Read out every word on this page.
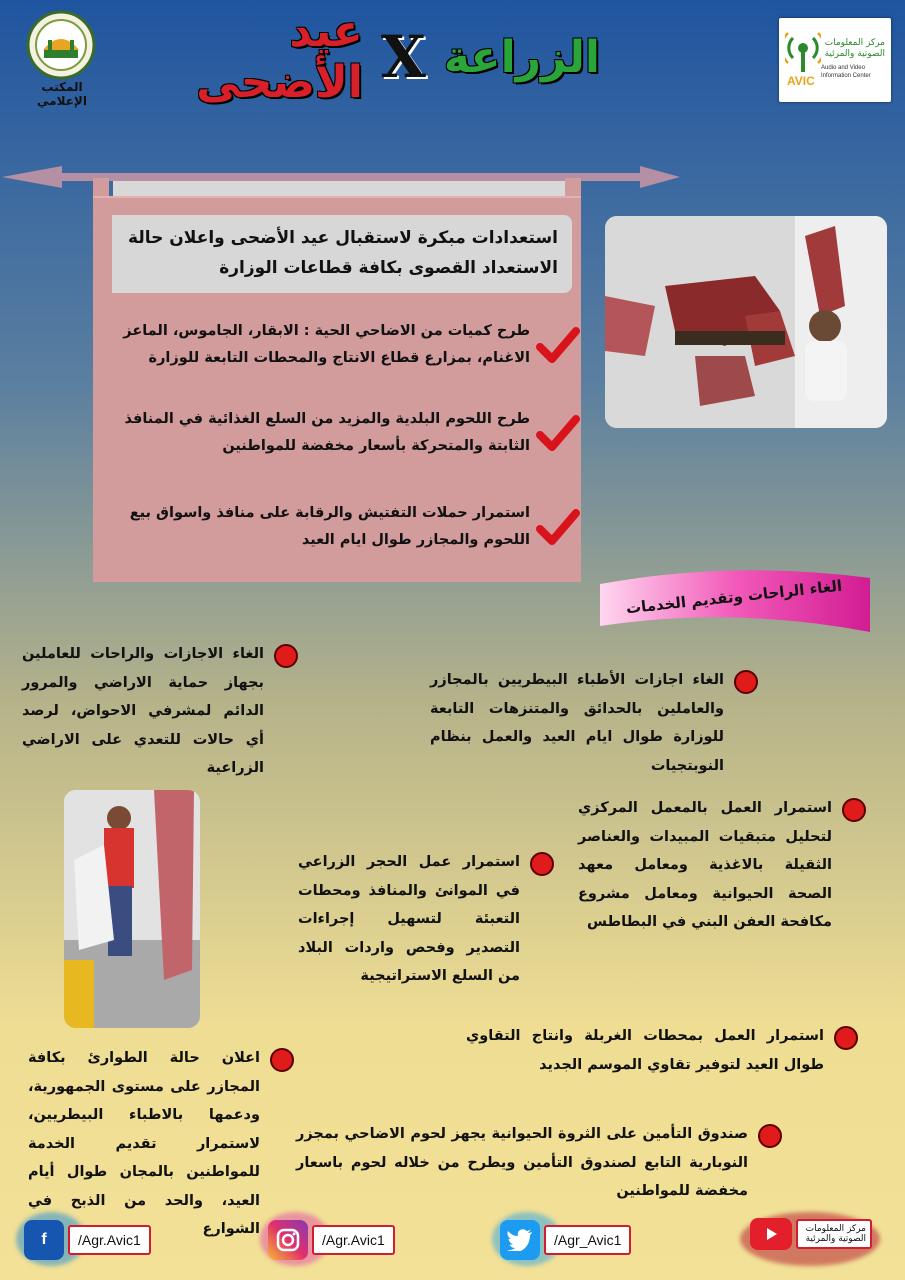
الزراعة
X
عيد الأضحى
المكتب الإعلامي
AVIC
مركز المعلومات الصوتية والمرئية
Audio and Video Information Center
استعدادات مبكرة لاستقبال عيد الأضحى واعلان حالة الاستعداد القصوى بكافة قطاعات الوزارة
طرح كميات من الاضاحي الحية : الابقار، الجاموس، الماعز الاغنام، بمزارع قطاع الانتاج والمحطات التابعة للوزارة
طرح اللحوم البلدية والمزيد من السلع الغذائية في المنافذ الثابتة والمتحركة بأسعار مخفضة للمواطنين
استمرار حملات التفتيش والرقابة على منافذ واسواق بيع اللحوم والمجازر طوال ايام العيد
الغاء الراحات وتقديم الخدمات
الغاء الاجازات والراحات للعاملين بجهاز حماية الاراضي والمرور الدائم لمشرفي الاحواض، لرصد أي حالات للتعدي على الاراضي الزراعية
الغاء اجازات الأطباء البيطريين بالمجازر والعاملين بالحدائق والمتنزهات التابعة للوزارة طوال ايام العيد والعمل بنظام النوبتجيات
استمرار العمل بالمعمل المركزي لتحليل متبقيات المبيدات والعناصر الثقيلة بالاغذية ومعامل معهد الصحة الحيوانية ومعامل مشروع مكافحة العفن البني في البطاطس
استمرار عمل الحجر الزراعي في الموانئ والمنافذ ومحطات التعبئة لتسهيل إجراءات التصدير وفحص واردات البلاد من السلع الاستراتيجية
استمرار العمل بمحطات الغربلة وانتاج التقاوي طوال العيد لتوفير تقاوي الموسم الجديد
اعلان حالة الطوارئ بكافة المجازر على مستوى الجمهورية، ودعمها بالاطباء البيطريين، لاستمرار تقديم الخدمة للمواطنين بالمجان طوال أيام العيد، والحد من الذبح في الشوارع
صندوق التأمين على الثروة الحيوانية يجهز لحوم الاضاحي بمجزر النوبارية التابع لصندوق التأمين ويطرح من خلاله لحوم باسعار مخفضة للمواطنين
f	/Agr.Avic1	/Agr.Avic1	/Agr_Avic1
مركز المعلومات الصوتية والمرئية
